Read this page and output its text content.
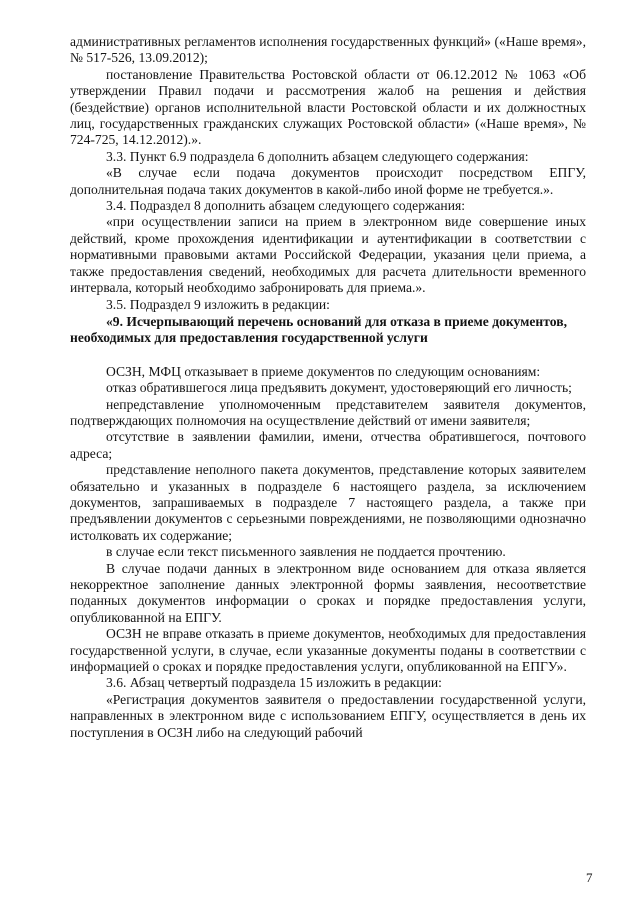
административных регламентов исполнения государственных функций» («Наше время», № 517-526, 13.09.2012);

постановление Правительства Ростовской области от 06.12.2012 № 1063 «Об утверждении Правил подачи и рассмотрения жалоб на решения и действия (бездействие) органов исполнительной власти Ростовской области и их должностных лиц, государственных гражданских служащих Ростовской области» («Наше время», № 724-725, 14.12.2012).».

3.3. Пункт 6.9 подраздела 6 дополнить абзацем следующего содержания:

«В случае если подача документов происходит посредством ЕПГУ, дополнительная подача таких документов в какой-либо иной форме не требуется.».

3.4. Подраздел 8 дополнить абзацем следующего содержания:

«при осуществлении записи на прием в электронном виде совершение иных действий, кроме прохождения идентификации и аутентификации в соответствии с нормативными правовыми актами Российской Федерации, указания цели приема, а также предоставления сведений, необходимых для расчета длительности временного интервала, который необходимо забронировать для приема.».

3.5. Подраздел 9 изложить в редакции:

«9. Исчерпывающий перечень оснований для отказа в приеме документов, необходимых для предоставления государственной услуги

ОСЗН, МФЦ отказывает в приеме документов по следующим основаниям:

отказ обратившегося лица предъявить документ, удостоверяющий его личность;

непредставление уполномоченным представителем заявителя документов, подтверждающих полномочия на осуществление действий от имени заявителя;

отсутствие в заявлении фамилии, имени, отчества обратившегося, почтового адреса;

представление неполного пакета документов, представление которых заявителем обязательно и указанных в подразделе 6 настоящего раздела, за исключением документов, запрашиваемых в подразделе 7 настоящего раздела, а также при предъявлении документов с серьезными повреждениями, не позволяющими однозначно истолковать их содержание;

в случае если текст письменного заявления не поддается прочтению.

В случае подачи данных в электронном виде основанием для отказа является некорректное заполнение данных электронной формы заявления, несоответствие поданных документов информации о сроках и порядке предоставления услуги, опубликованной на ЕПГУ.

ОСЗН не вправе отказать в приеме документов, необходимых для предоставления государственной услуги, в случае, если указанные документы поданы в соответствии с информацией о сроках и порядке предоставления услуги, опубликованной на ЕПГУ».

3.6. Абзац четвертый подраздела 15 изложить в редакции:

«Регистрация документов заявителя о предоставлении государственной услуги, направленных в электронном виде с использованием ЕПГУ, осуществляется в день их поступления в ОСЗН либо на следующий рабочий

7
